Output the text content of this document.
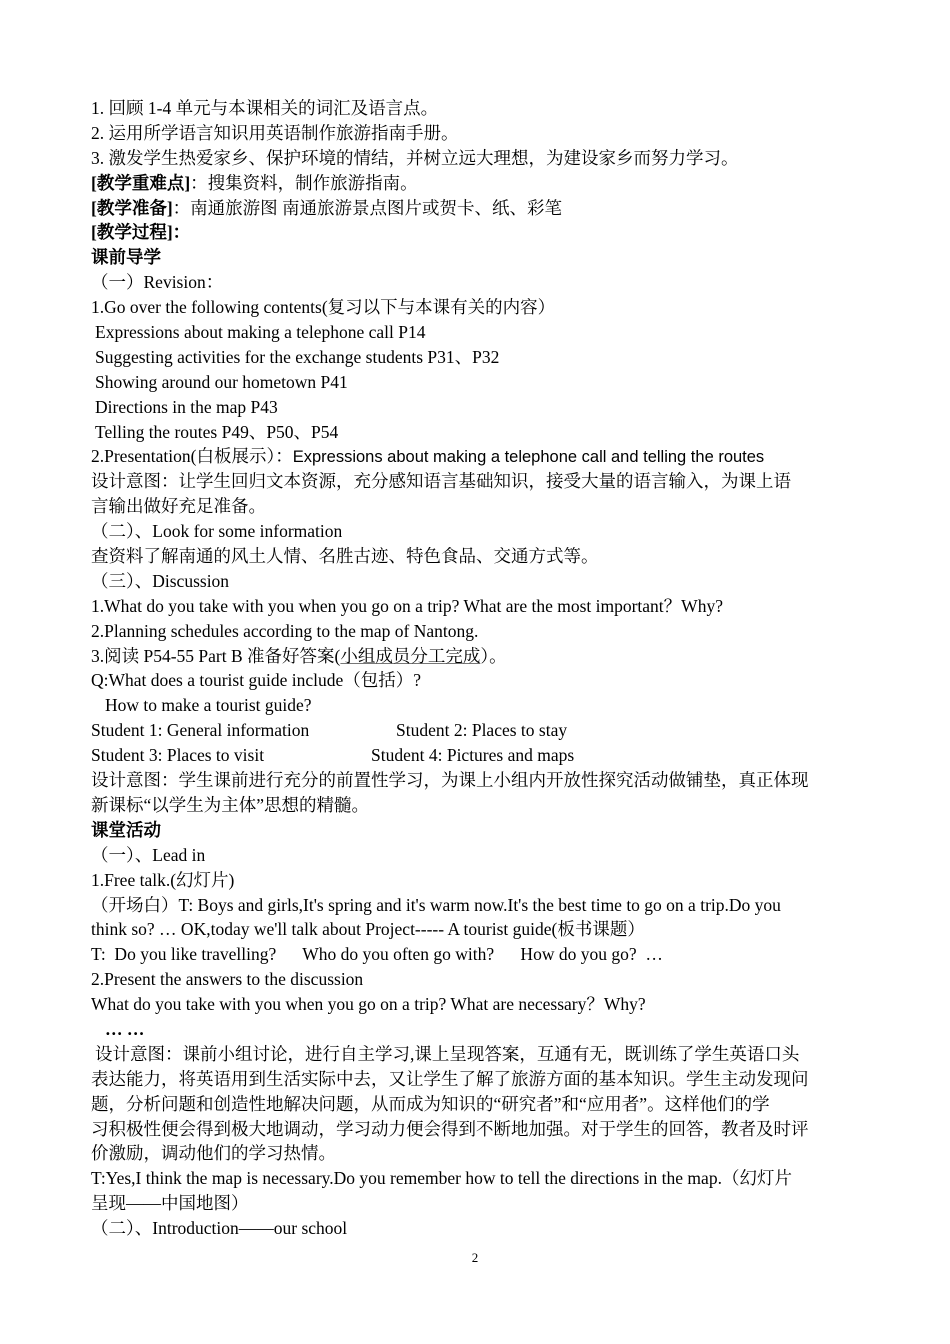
1. 回顾 1-4 单元与本课相关的词汇及语言点。
2. 运用所学语言知识用英语制作旅游指南手册。
3. 激发学生热爱家乡、保护环境的情结，并树立远大理想，为建设家乡而努力学习。
[教学重难点]：搜集资料，制作旅游指南。
[教学准备]：南通旅游图 南通旅游景点图片或贺卡、纸、彩笔
[教学过程]：
课前导学
（一）Revision：
1.Go over the following contents(复习以下与本课有关的内容）
Expressions about making a telephone call P14
Suggesting activities for the exchange students P31、P32
Showing around our hometown P41
Directions in the map P43
Telling the routes P49、P50、P54
2.Presentation(白板展示）：Expressions about making a telephone call and telling the routes
设计意图：让学生回归文本资源，充分感知语言基础知识，接受大量的语言输入，为课上语
言输出做好充足准备。
（二）、Look for some information
查资料了解南通的风土人情、名胜古迹、特色食品、交通方式等。
（三）、Discussion
1.What do you take with you when you go on a trip? What are the most important？Why?
2.Planning schedules according to the map of Nantong.
3.阅读 P54-55 Part B 准备好答案(小组成员分工完成）。
Q:What does a tourist guide include（包括）?
How to make a tourist guide?
Student 1: General information	Student 2: Places to stay
Student 3: Places to visit	Student 4: Pictures and maps
设计意图：学生课前进行充分的前置性学习，为课上小组内开放性探究活动做铺垫，真正体现
新课标“以学生为主体”思想的精髓。
课堂活动
（一）、Lead in
1.Free talk.(幻灯片)
（开场白）T: Boys and girls,It's spring and it's warm now.It's the best time to go on a trip.Do you
think so? … OK,today we'll talk about Project----- A tourist guide(板书课题）
T:  Do you like travelling?      Who do you often go with?      How do you go?  …
2.Present the answers to the discussion
What do you take with you when you go on a trip? What are necessary？Why?
… …
设计意图：课前小组讨论，进行自主学习,课上呈现答案，互通有无，既训练了学生英语口头
表达能力，将英语用到生活实际中去，又让学生了解了旅游方面的基本知识。学生主动发现问
题，分析问题和创造性地解决问题，从而成为知识的“研究者”和“应用者”。这样他们的学
习积极性便会得到极大地调动，学习动力便会得到不断地加强。对于学生的回答，教者及时评
价激励，调动他们的学习热情。
T:Yes,I think the map is necessary.Do you remember how to tell the directions in the map.（幻灯片
呈现——中国地图）
（二）、Introduction——our school
2
